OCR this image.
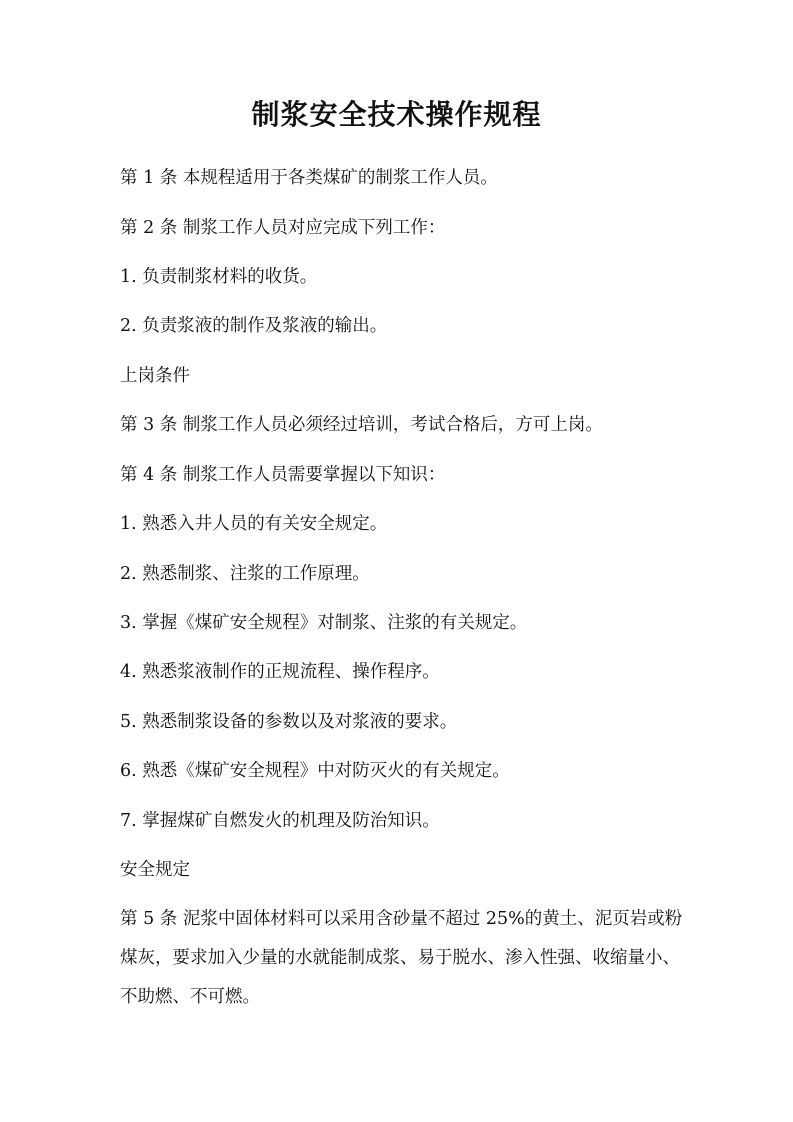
制浆安全技术操作规程

第 1 条 本规程适用于各类煤矿的制浆工作人员。

第 2 条 制浆工作人员对应完成下列工作：

1. 负责制浆材料的收货。

2. 负责浆液的制作及浆液的输出。

上岗条件

第 3 条 制浆工作人员必须经过培训，考试合格后，方可上岗。

第 4 条 制浆工作人员需要掌握以下知识：

1. 熟悉入井人员的有关安全规定。

2. 熟悉制浆、注浆的工作原理。

3. 掌握《煤矿安全规程》对制浆、注浆的有关规定。

4. 熟悉浆液制作的正规流程、操作程序。

5. 熟悉制浆设备的参数以及对浆液的要求。

6. 熟悉《煤矿安全规程》中对防灭火的有关规定。

7. 掌握煤矿自燃发火的机理及防治知识。

安全规定

第 5 条 泥浆中固体材料可以采用含砂量不超过 25%的黄土、泥页岩或粉煤灰，要求加入少量的水就能制成浆、易于脱水、渗入性强、收缩量小、不助燃、不可燃。
